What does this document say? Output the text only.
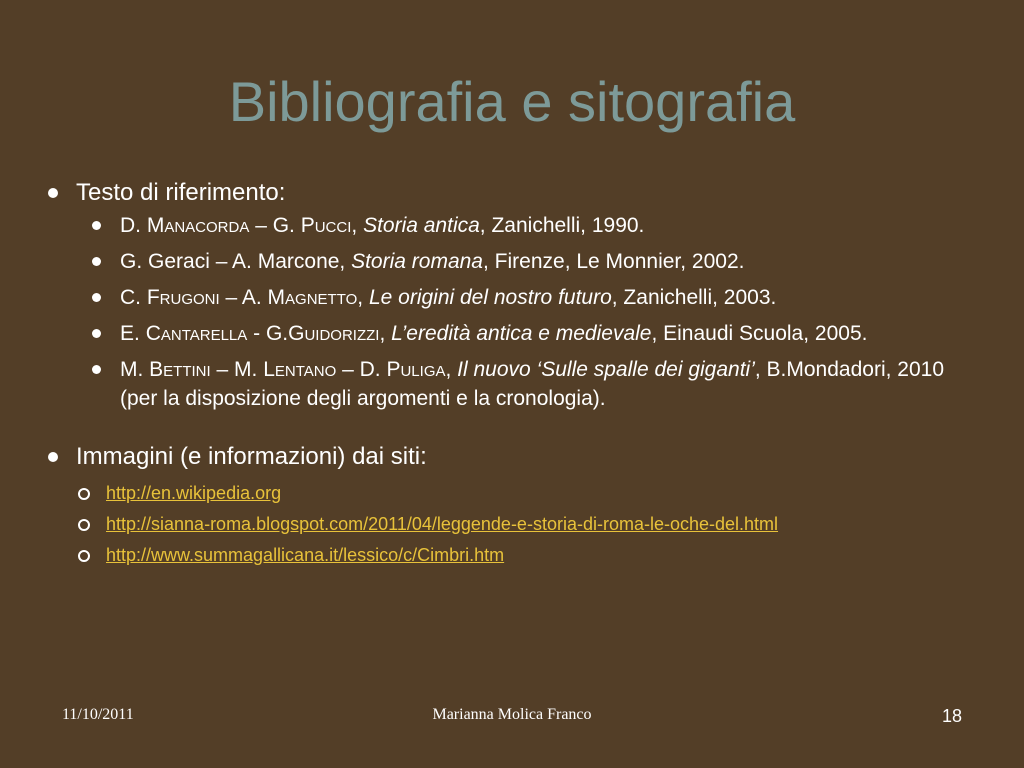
Bibliografia e sitografia
Testo di riferimento:
D. Manacorda – G. Pucci, Storia antica, Zanichelli, 1990.
G. Geraci – A. Marcone, Storia romana, Firenze, Le Monnier, 2002.
C. Frugoni – A. Magnetto, Le origini del nostro futuro, Zanichelli, 2003.
E. Cantarella - G.Guidorizzi, L’eredità antica e medievale, Einaudi Scuola, 2005.
M. Bettini – M. Lentano – D. Puliga, Il nuovo ‘Sulle spalle dei giganti’, B.Mondadori, 2010 (per la disposizione degli argomenti e la cronologia).
Immagini (e informazioni) dai siti:
http://en.wikipedia.org
http://sianna-roma.blogspot.com/2011/04/leggende-e-storia-di-roma-le-oche-del.html
http://www.summagallicana.it/lessico/c/Cimbri.htm
11/10/2011	Marianna Molica Franco	18
